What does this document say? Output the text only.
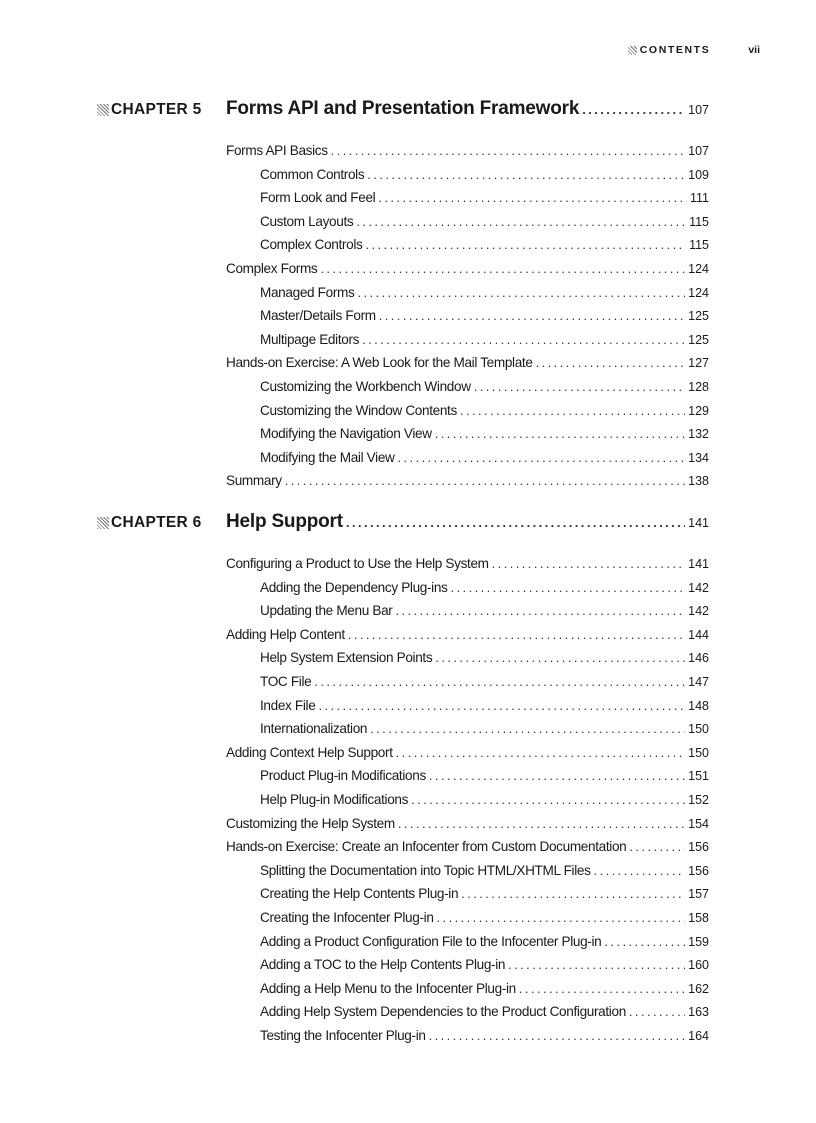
CONTENTS	vii
CHAPTER 5 Forms API and Presentation Framework . . .	107
Forms API Basics . . .	107
Common Controls . . .	109
Form Look and Feel . . .	111
Custom Layouts . . .	115
Complex Controls . . .	115
Complex Forms . . .	124
Managed Forms . . .	124
Master/Details Form . . .	125
Multipage Editors . . .	125
Hands-on Exercise: A Web Look for the Mail Template . . .	127
Customizing the Workbench Window . . .	128
Customizing the Window Contents . . .	129
Modifying the Navigation View . . .	132
Modifying the Mail View . . .	134
Summary . . .	138
CHAPTER 6 Help Support . . .	141
Configuring a Product to Use the Help System . . .	141
Adding the Dependency Plug-ins . . .	142
Updating the Menu Bar . . .	142
Adding Help Content . . .	144
Help System Extension Points . . .	146
TOC File . . .	147
Index File . . .	148
Internationalization . . .	150
Adding Context Help Support . . .	150
Product Plug-in Modifications . . .	151
Help Plug-in Modifications . . .	152
Customizing the Help System . . .	154
Hands-on Exercise: Create an Infocenter from Custom Documentation . . .	156
Splitting the Documentation into Topic HTML/XHTML Files . . .	156
Creating the Help Contents Plug-in . . .	157
Creating the Infocenter Plug-in . . .	158
Adding a Product Configuration File to the Infocenter Plug-in . . .	159
Adding a TOC to the Help Contents Plug-in . . .	160
Adding a Help Menu to the Infocenter Plug-in . . .	162
Adding Help System Dependencies to the Product Configuration . . .	163
Testing the Infocenter Plug-in . . .	164
